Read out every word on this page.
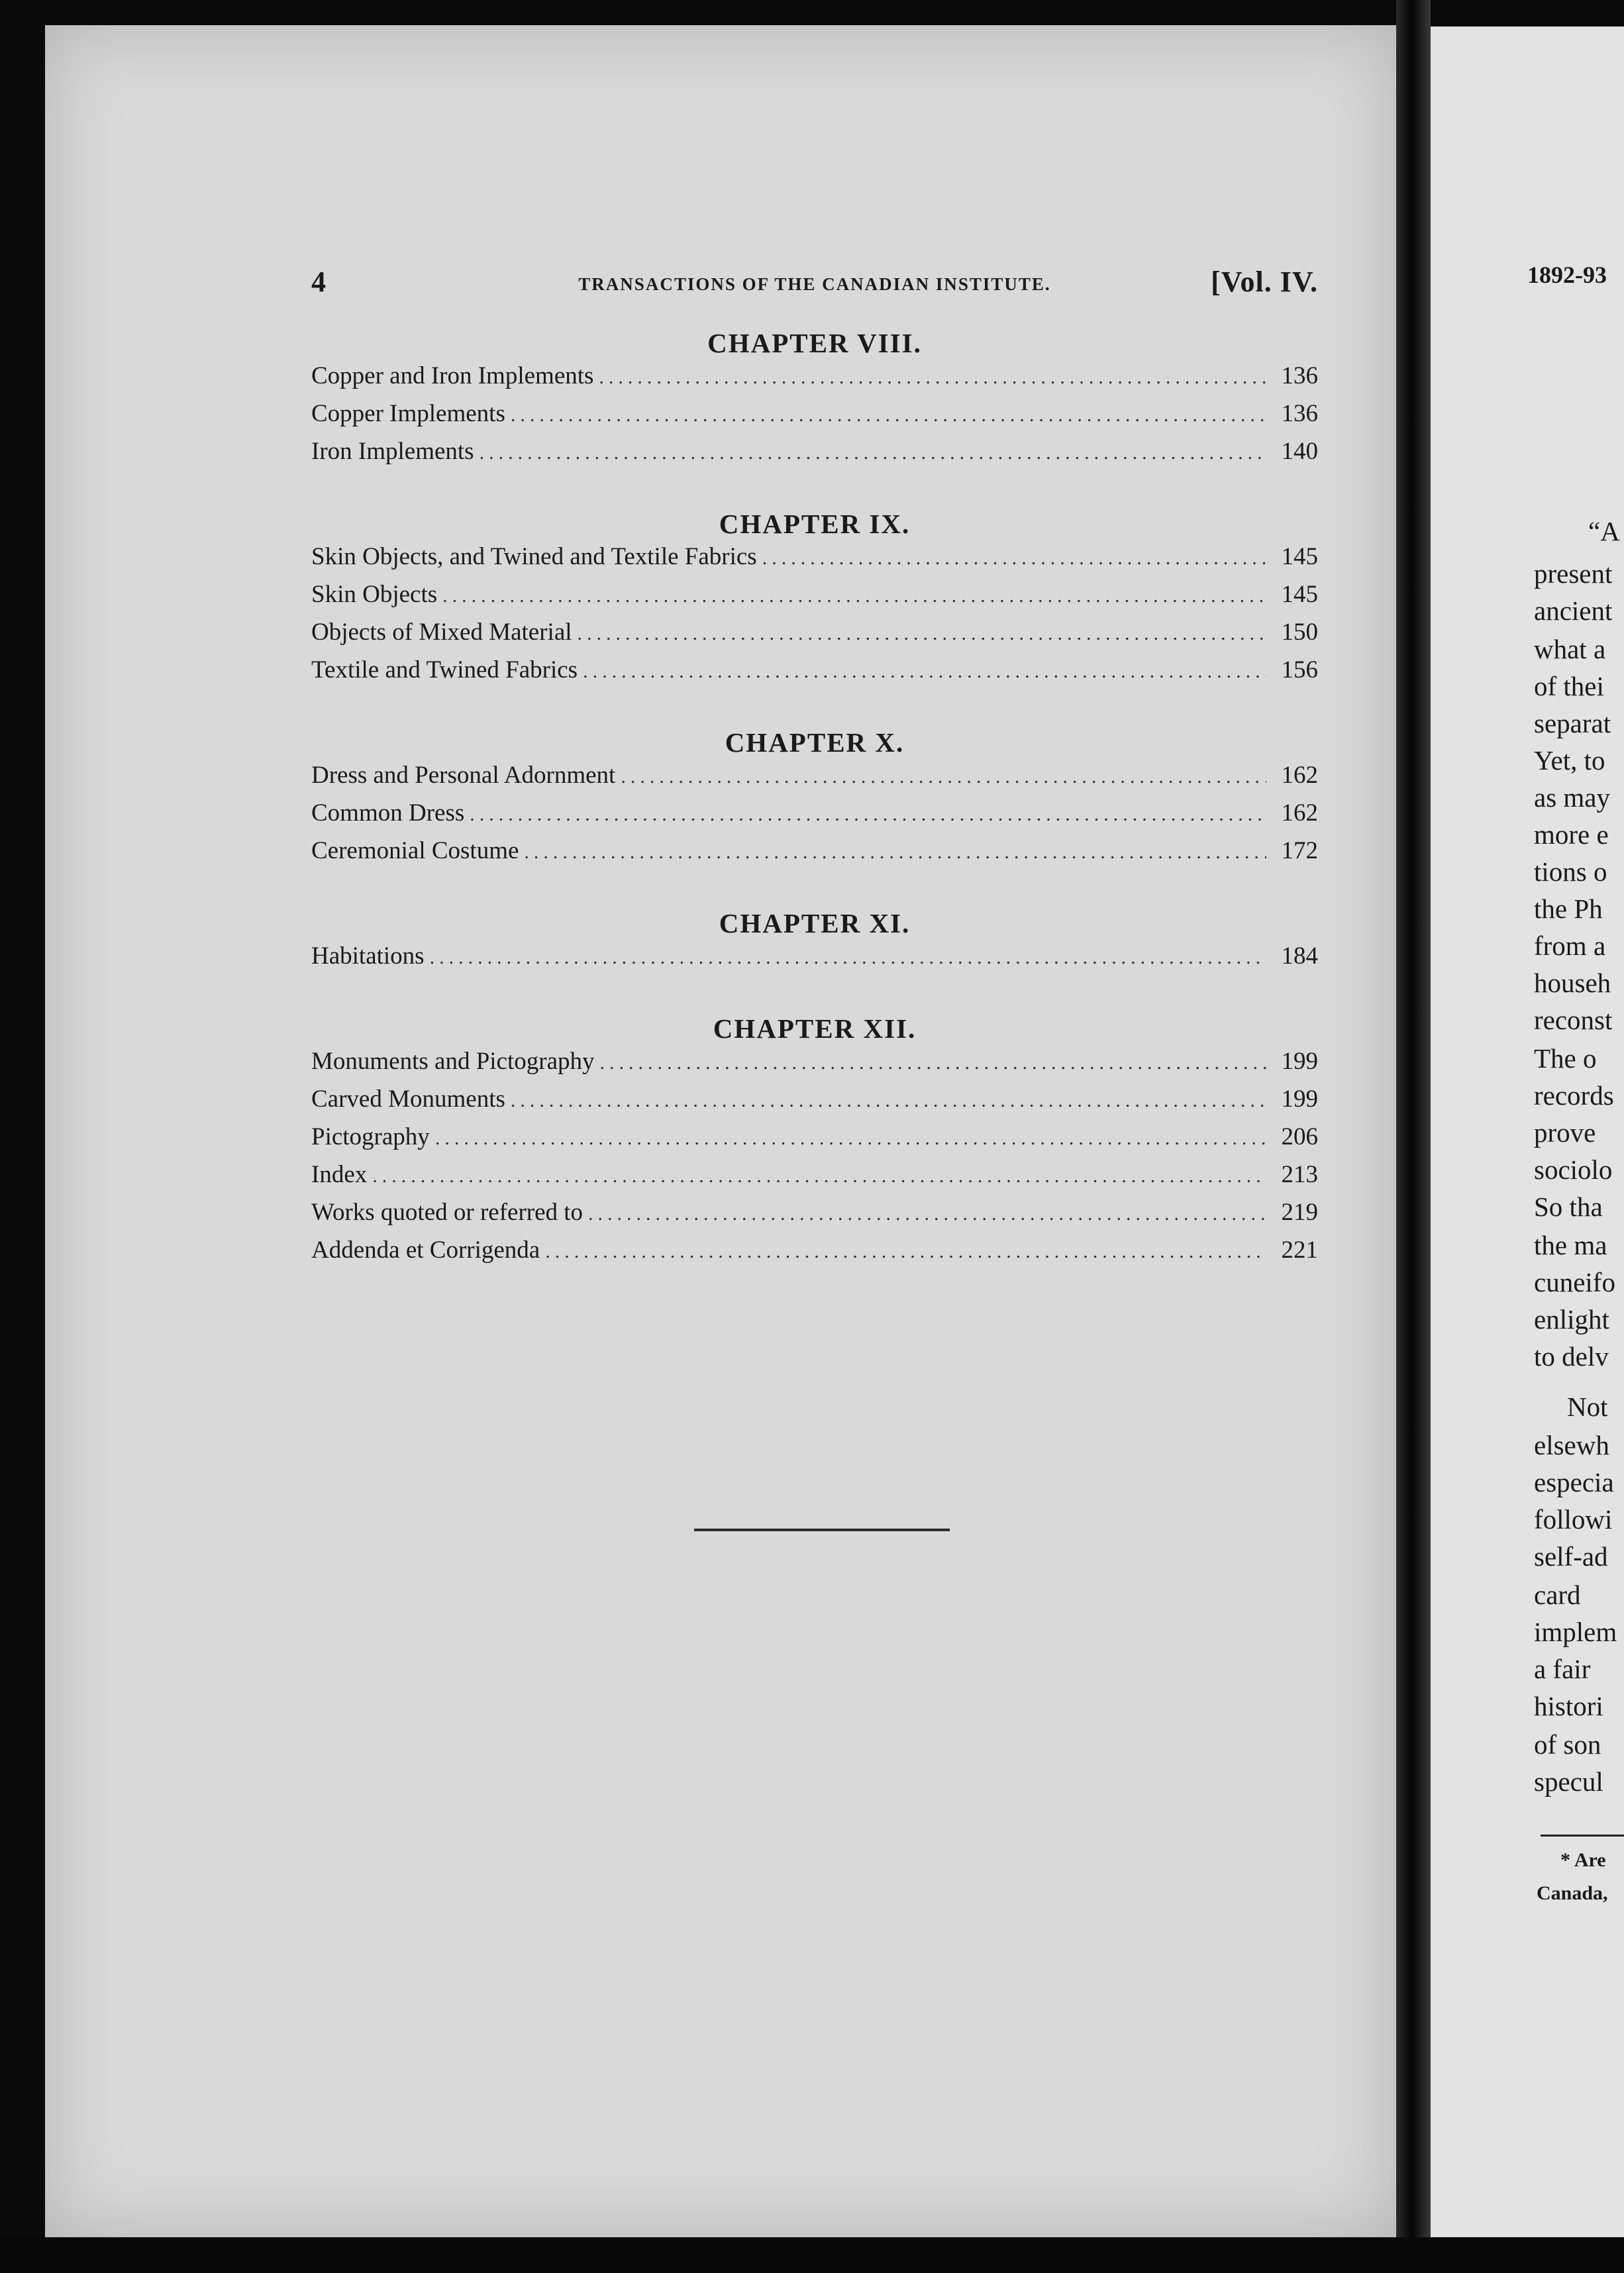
4	TRANSACTIONS OF THE CANADIAN INSTITUTE.	[Vol. IV.
CHAPTER VIII.
Copper and Iron Implements .....	136
Copper Implements .....	136
Iron Implements .....	140
CHAPTER IX.
Skin Objects, and Twined and Textile Fabrics .....	145
Skin Objects .....	145
Objects of Mixed Material .....	150
Textile and Twined Fabrics .....	156
CHAPTER X.
Dress and Personal Adornment .....	162
Common Dress .....	162
Ceremonial Costume .....	172
CHAPTER XI.
Habitations .....	184
CHAPTER XII.
Monuments and Pictography .....	199
Carved Monuments .....	199
Pictography .....	206
Index .....	213
Works quoted or referred to .....	219
Addenda et Corrigenda .....	221
1892-93
“A
present
ancient
what a
of thei
separat
Yet, to
as may
more e
tions o
the Ph
from a
househ
reconst
The o
records
prove
sociolo
So tha
the ma
cuneifo
enlight
to delv
Not
elsewh
especia
followi
self-ad
card
implem
a fair
histori
of son
specul
* Are
Canada,
